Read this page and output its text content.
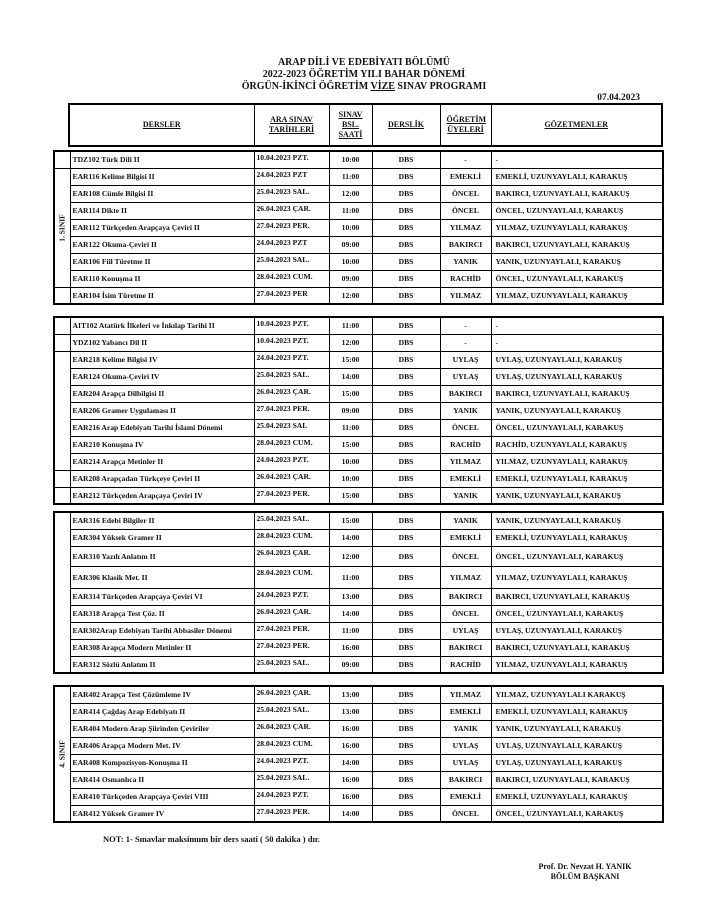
ARAP DİLİ VE EDEBİYATI BÖLÜMÜ
2022-2023 ÖĞRETİM YILI BAHAR DÖNEMİ
ÖRGÜN-İKİNCİ ÖĞRETİM VİZE SINAV PROGRAMI
07.04.2023
DERSLER	ARA SINAV TARİHLERİ	SINAV BSL. SAATİ	DERSLİK	ÖĞRETİM ÜYELERİ	GÖZETMENLER
	TDZ102 Türk Dili II	10.04.2023 PZT.	10:00	DBS	-	-

1. SINIF	EAR116 Kelime Bilgisi II	24.04.2023 PZT	11:00	DBS	EMEKLİ	EMEKLİ, UZUNYAYLALI, KARAKUŞ
	EAR108 Cümle Bilgisi II	25.04.2023 SAL.	12:00	DBS	ÖNCEL	BAKIRCI, UZUNYAYLALI, KARAKUŞ
	EAR114 Dikte II	26.04.2023 ÇAR.	11:00	DBS	ÖNCEL	ÖNCEL, UZUNYAYLALI, KARAKUŞ
	EAR112 Türkçeden Arapçaya Çeviri II	27.04.2023 PER.	10:00	DBS	YILMAZ	YILMAZ, UZUNYAYLALI, KARAKUŞ
	EAR122 Okuma-Çeviri II	24.04.2023 PZT	09:00	DBS	BAKIRCI	BAKIRCI, UZUNYAYLALI, KARAKUŞ
	EAR106 Fiil Türetme II	25.04.2023 SAL.	10:00	DBS	YANIK	YANIK, UZUNYAYLALI, KARAKUŞ
	EAR110 Konuşma II	28.04.2023 CUM.	09:00	DBS	RACHİD	ÖNCEL, UZUNYAYLALI, KARAKUŞ
	EAR104 İsim Türetme II	27.04.2023 PER	12:00	DBS	YILMAZ	YILMAZ, UZUNYAYLALI, KARAKUŞ
	AIT102 Atatürk İlkeleri ve İnkılap Tarihi II	10.04.2023 PZT.	11:00	DBS	-	-
	YDZ102 Yabancı Dil II	10.04.2023 PZT.	12:00	DBS	-	-

	EAR218 Kelime Bilgisi IV	24.04.2023 PZT.	15:00	DBS	UYLAŞ	UYLAŞ, UZUNYAYLALI, KARAKUŞ
	EAR124 Okuma-Çeviri IV	25.04.2023 SAL.	14:00	DBS	UYLAŞ	UYLAŞ, UZUNYAYLALI, KARAKUŞ
	EAR204 Arapça Dilbilgisi II	26.04.2023 ÇAR.	15:00	DBS	BAKIRCI	BAKIRCI, UZUNYAYLALI, KARAKUŞ
	EAR206 Gramer Uygulaması II	27.04.2023 PER.	09:00	DBS	YANIK	YANIK, UZUNYAYLALI, KARAKUŞ
	EAR216 Arap Edebiyatı Tarihi İslami Dönemi	25.04.2023 SAL	11:00	DBS	ÖNCEL	ÖNCEL, UZUNYAYLALI, KARAKUŞ
	EAR210 Konuşma IV	28.04.2023 CUM.	15:00	DBS	RACHİD	RACHİD, UZUNYAYLALI, KARAKUŞ
	EAR214 Arapça Metinler II	24.04.2023 PZT.	10:00	DBS	YILMAZ	YILMAZ, UZUNYAYLALI, KARAKUŞ
	EAR208 Arapçadan Türkçeye Çeviri II	26.04.2023 ÇAR.	10:00	DBS	EMEKLİ	EMEKLİ, UZUNYAYLALI, KARAKUŞ
	EAR212 Türkçeden Arapçaya Çeviri IV	27.04.2023 PER.	15:00	DBS	YANIK	YANIK, UZUNYAYLALI, KARAKUŞ
	EAR316 Edebi Bilgiler II	25.04.2023 SAL.	15:00	DBS	YANIK	YANIK, UZUNYAYLALI, KARAKUŞ
	EAR304 Yüksek Gramer II	28.04.2023 CUM.	14:00	DBS	EMEKLİ	EMEKLİ, UZUNYAYLALI, KARAKUŞ
	EAR310 Yazılı Anlatım II	26.04.2023 ÇAR.	12:00	DBS	ÖNCEL	ÖNCEL, UZUNYAYLALI, KARAKUŞ
	EAR306 Klasik Met. II	28.04.2023 CUM.	11:00	DBS	YILMAZ	YILMAZ, UZUNYAYLALI, KARAKUŞ
	EAR314 Türkçeden Arapçaya Çeviri VI	24.04.2023 PZT.	13:00	DBS	BAKIRCI	BAKIRCI, UZUNYAYLALI, KARAKUŞ
	EAR318 Arapça Test Çöz. II	26.04.2023 ÇAR.	14:00	DBS	ÖNCEL	ÖNCEL, UZUNYAYLALI, KARAKUŞ
	EAR302Arap Edebiyatı Tarihi Abbasiler Dönemi	27.04.2023 PER.	11:00	DBS	UYLAŞ	UYLAŞ, UZUNYAYLALI, KARAKUŞ
	EAR308 Arapça Modern Metinler II	27.04.2023 PER.	16:00	DBS	BAKIRCI	BAKIRCI, UZUNYAYLALI, KARAKUŞ
	EAR312 Sözlü Anlatım II	25.04.2023 SAL.	09:00	DBS	RACHİD	YILMAZ, UZUNYAYLALI, KARAKUŞ
4. SINIF	EAR402 Arapça Test Çözümleme IV	26.04.2023 ÇAR.	13:00	DBS	YILMAZ	YILMAZ, UZUNYAYLALI KARAKUŞ
	EAR414 Çağdaş Arap Edebiyatı II	25.04.2023 SAL.	13:00	DBS	EMEKLİ	EMEKLİ, UZUNYAYLALI, KARAKUŞ
	EAR404 Modern Arap Şiirinden Çeviriler	26.04.2023 ÇAR.	16:00	DBS	YANIK	YANIK, UZUNYAYLALI, KARAKUŞ
	EAR406 Arapça Modern Met. IV	28.04.2023 CUM.	16:00	DBS	UYLAŞ	UYLAŞ, UZUNYAYLALI, KARAKUŞ
	EAR408 Kompozisyon-Konuşma II	24.04.2023 PZT.	14:00	DBS	UYLAŞ	UYLAŞ, UZUNYAYLALI, KARAKUŞ
	EAR414 Osmanlıca II	25.04.2023 SAL.	16:00	DBS	BAKIRCI	BAKIRCI, UZUNYAYLALI, KARAKUŞ
	EAR410 Türkçeden Arapçaya Çeviri VIII	24.04.2023 PZT.	16:00	DBS	EMEKLİ	EMEKLİ, UZUNYAYLALI, KARAKUŞ
	EAR412 Yüksek Gramer IV	27.04.2023 PER.	14:00	DBS	ÖNCEL	ÖNCEL, UZUNYAYLALI, KARAKUŞ
NOT: 1- Sınavlar maksimum bir ders saati ( 50 dakika ) dır.
Prof. Dr. Nevzat H. YANIK
BÖLÜM BAŞKANI
